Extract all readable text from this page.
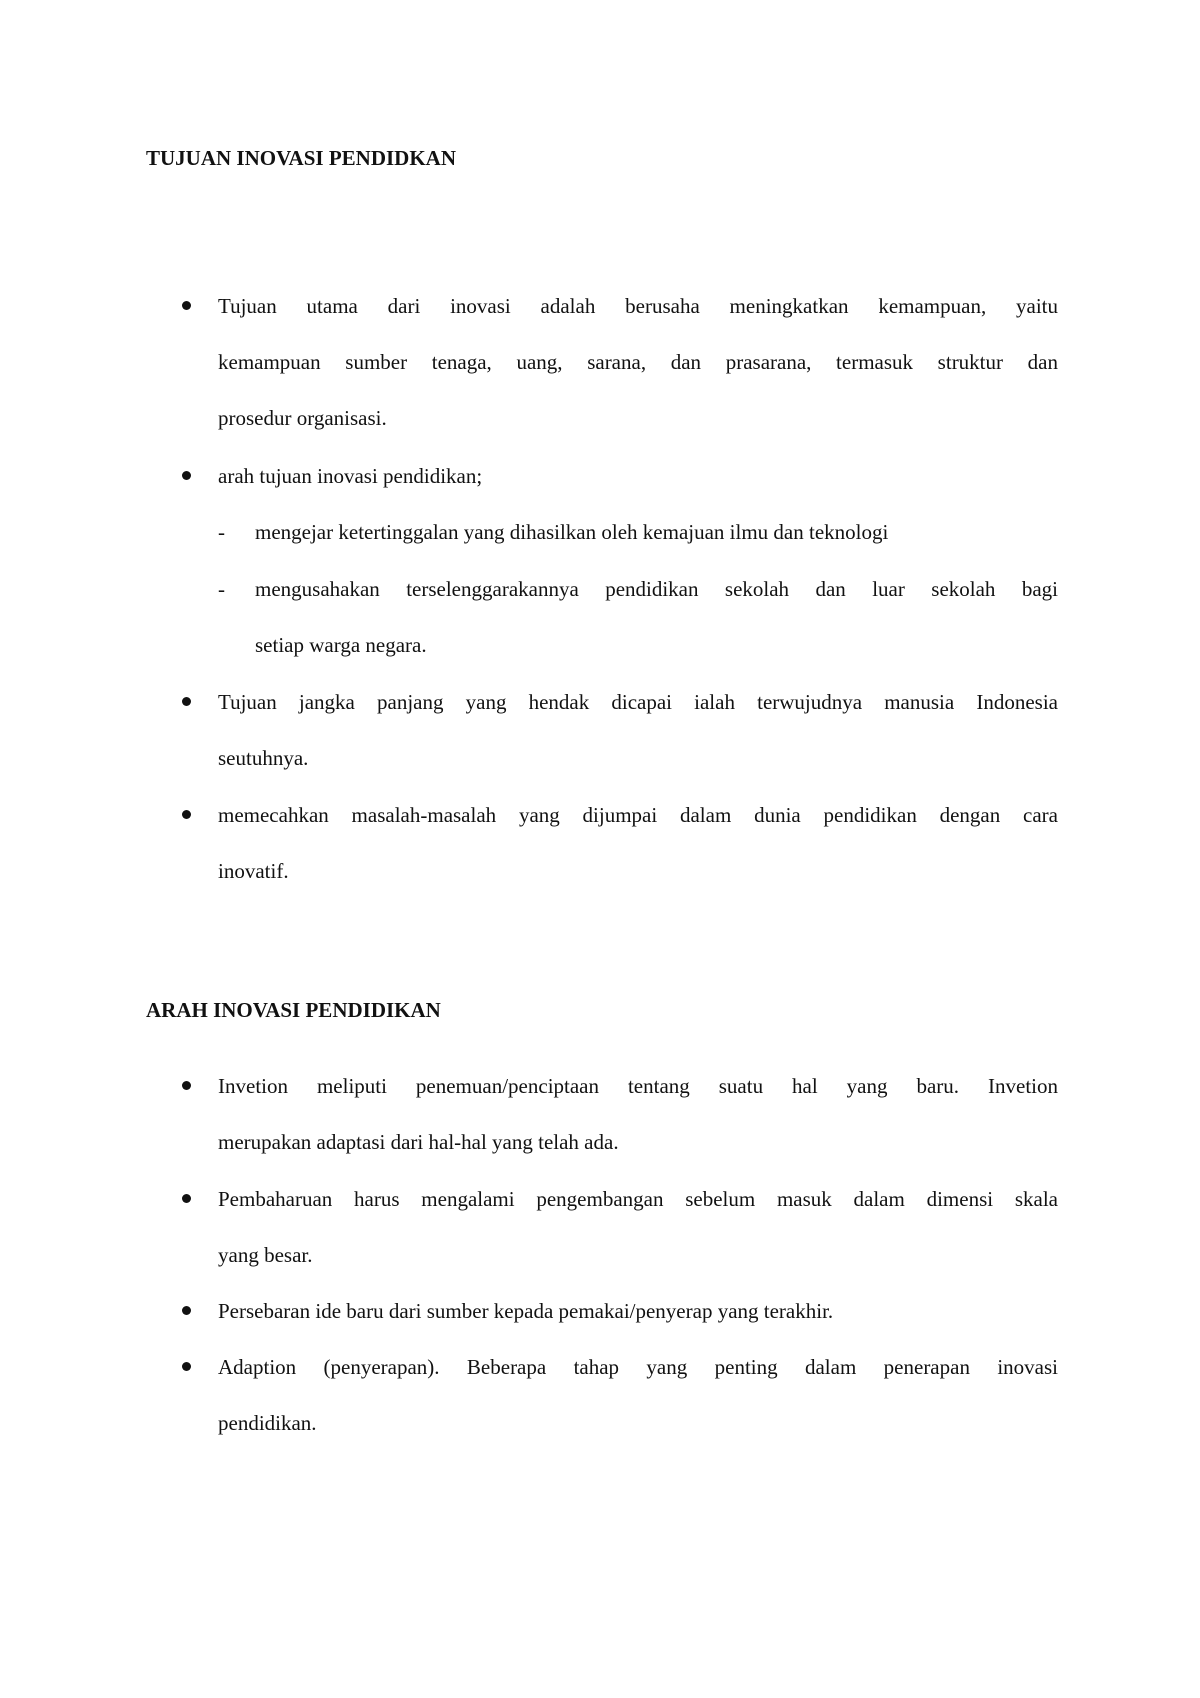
TUJUAN INOVASI PENDIDKAN
Tujuan utama dari inovasi adalah berusaha meningkatkan kemampuan, yaitu
kemampuan sumber tenaga, uang, sarana, dan prasarana, termasuk struktur dan
prosedur organisasi.
arah tujuan inovasi pendidikan;
- mengejar ketertinggalan yang dihasilkan oleh kemajuan ilmu dan teknologi
- mengusahakan terselenggarakannya pendidikan sekolah dan luar sekolah bagi
setiap warga negara.
Tujuan jangka panjang yang hendak dicapai ialah terwujudnya manusia Indonesia
seutuhnya.
memecahkan masalah-masalah yang dijumpai dalam dunia pendidikan dengan cara
inovatif.
ARAH INOVASI PENDIDIKAN
Invetion meliputi penemuan/penciptaan tentang suatu hal yang baru. Invetion
merupakan adaptasi dari hal-hal yang telah ada.
Pembaharuan harus mengalami pengembangan sebelum masuk dalam dimensi skala
yang besar.
Persebaran ide baru dari sumber kepada pemakai/penyerap yang terakhir.
Adaption (penyerapan). Beberapa tahap yang penting dalam penerapan inovasi
pendidikan.
